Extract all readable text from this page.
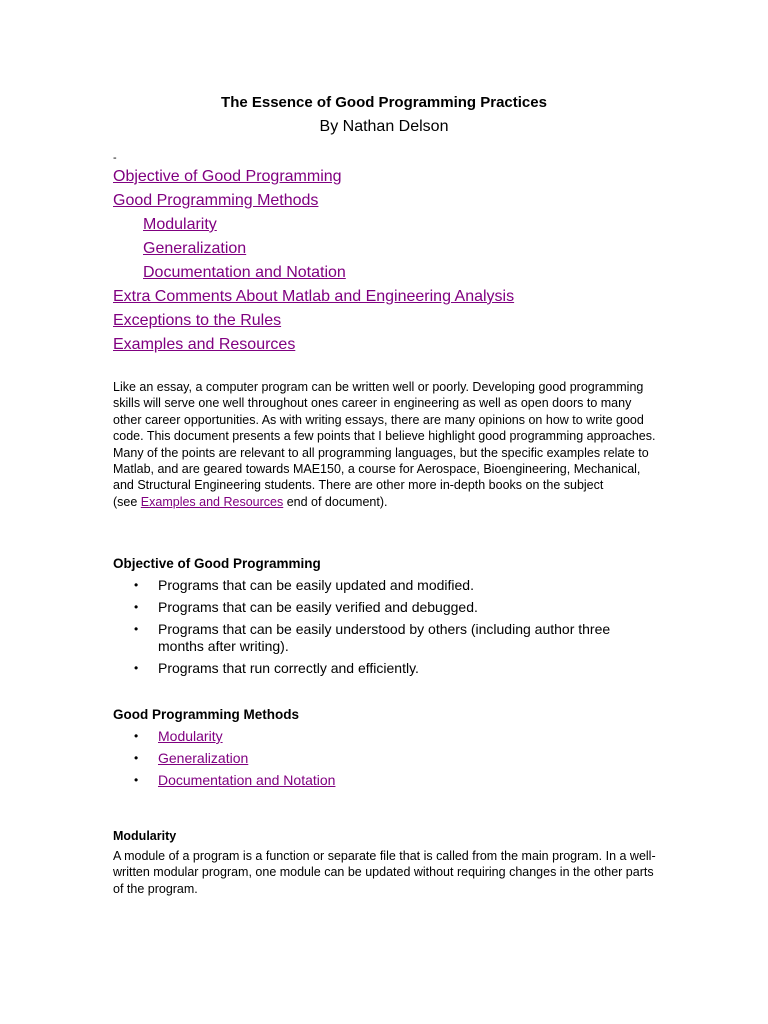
The Essence of Good Programming Practices
By Nathan Delson
-
Objective of Good Programming
Good Programming Methods
Modularity
Generalization
Documentation and Notation
Extra Comments About Matlab and Engineering Analysis
Exceptions to the Rules
Examples and Resources

Like an essay, a computer program can be written well or poorly. Developing good programming skills will serve one well throughout ones career in engineering as well as open doors to many other career opportunities. As with writing essays, there are many opinions on how to write good code. This document presents a few points that I believe highlight good programming approaches. Many of the points are relevant to all programming languages, but the specific examples relate to Matlab, and are geared towards MAE150, a course for Aerospace, Bioengineering, Mechanical, and Structural Engineering students. There are other more in-depth books on the subject
(see Examples and Resources end of document).

Objective of Good Programming
• Programs that can be easily updated and modified.
• Programs that can be easily verified and debugged.
• Programs that can be easily understood by others (including author three months after writing).
• Programs that run correctly and efficiently.
Good Programming Methods
• Modularity
• Generalization
• Documentation and Notation
Modularity

A module of a program is a function or separate file that is called from the main program. In a well-written modular program, one module can be updated without requiring changes in the other parts of the program.
